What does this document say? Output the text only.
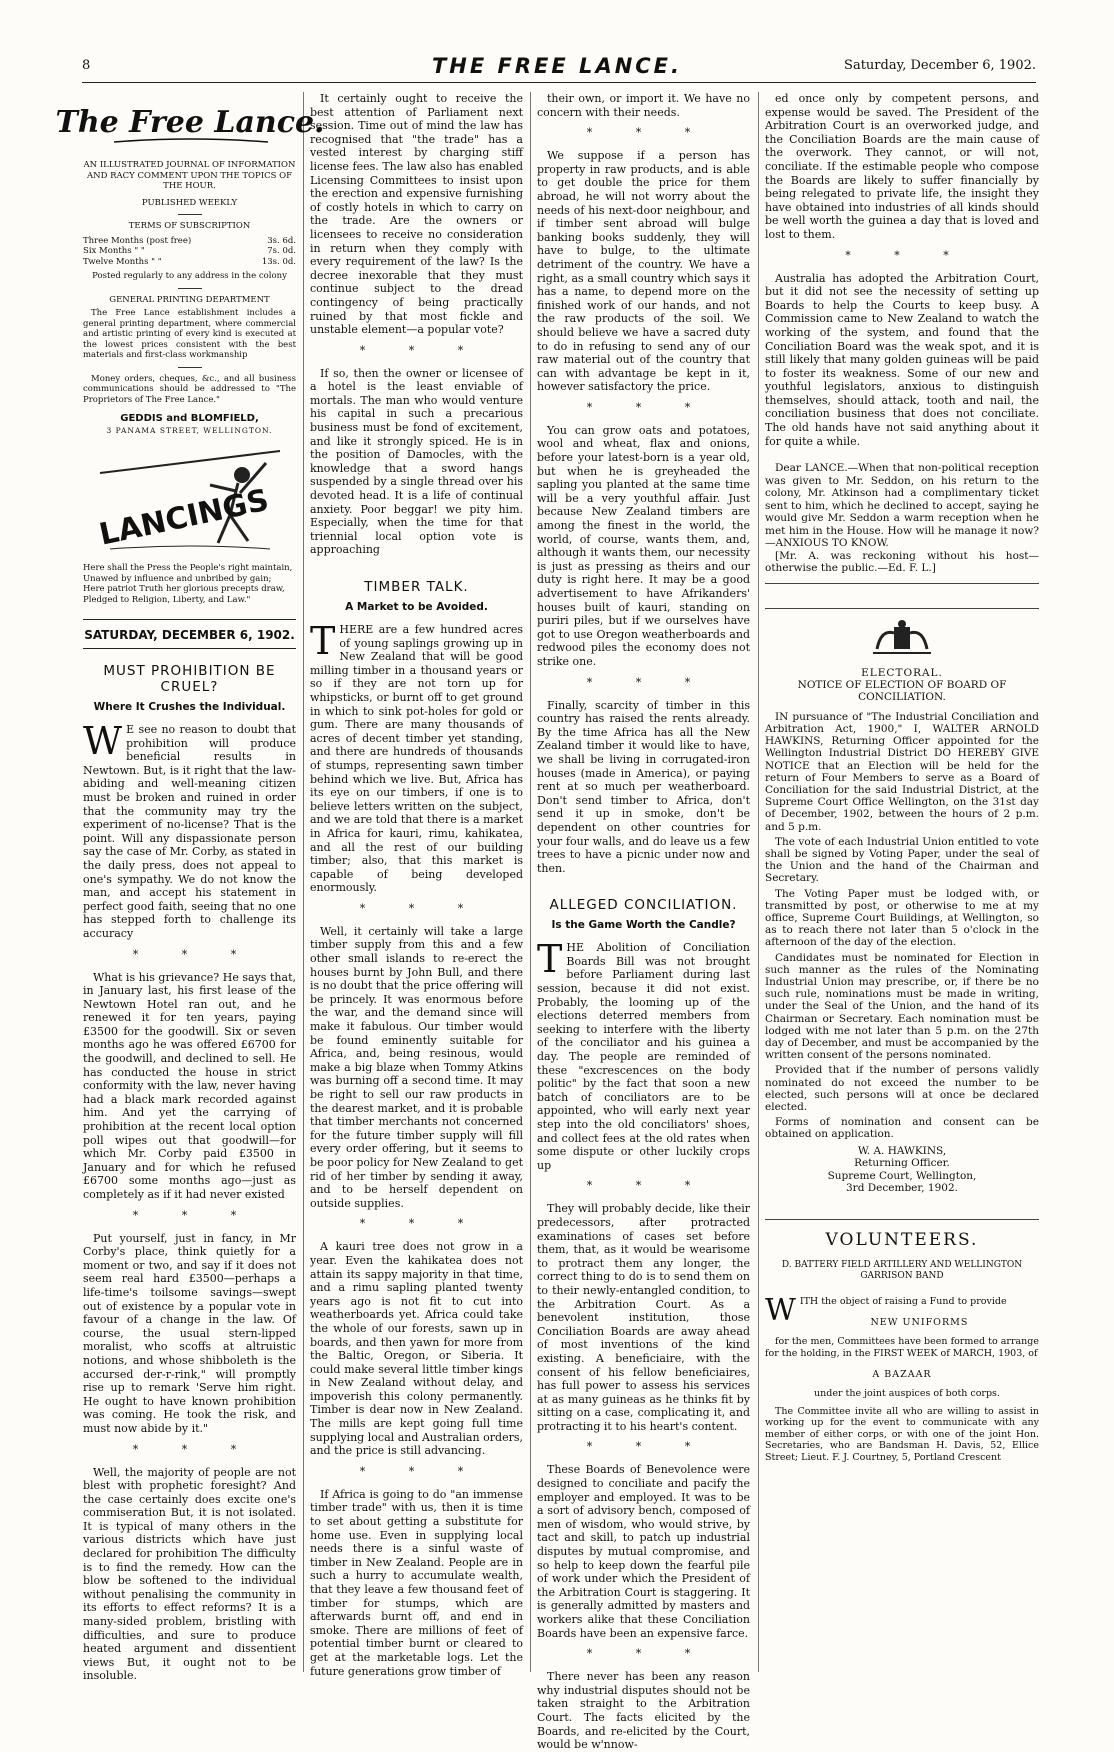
8	THE FREE LANCE.	Saturday, December 6, 1902.
The Free Lance.

AN ILLUSTRATED JOURNAL OF INFORMATION AND RACY COMMENT UPON THE TOPICS OF THE HOUR.

PUBLISHED WEEKLY

TERMS OF SUBSCRIPTION

Three Months (post free)	3s. 6d.
Six Months " "	7s. 0d.
Twelve Months " "	13s. 0d.

Posted regularly to any address in the colony

GENERAL PRINTING DEPARTMENT

The Free Lance establishment includes a general printing department, where commercial and artistic printing of every kind is executed at the lowest prices consistent with the best materials and first-class workmanship

Money orders, cheques, &c., and all business communications should be addressed to "The Proprietors of The Free Lance."

GEDDIS and BLOMFIELD,
3 PANAMA STREET, WELLINGTON.
LANCINGS
Here shall the Press the People's right maintain,
Unawed by influence and unbribed by gain;
Here patriot Truth her glorious precepts draw,
Pledged to Religion, Liberty, and Law."
SATURDAY, DECEMBER 6, 1902.
MUST PROHIBITION BE CRUEL?
Where It Crushes the Individual.

W E see no reason to doubt that prohibition will produce beneficial results in Newtown. But, is it right that the law-abiding and well-meaning citizen must be broken and ruined in order that the community may try the experiment of no-license? That is the point. Will any dispassionate person say the case of Mr. Corby, as stated in the daily press, does not appeal to one's sympathy. We do not know the man, and accept his statement in perfect good faith, seeing that no one has stepped forth to challenge its accuracy

* * *

What is his grievance? He says that, in January last, his first lease of the Newtown Hotel ran out, and he renewed it for ten years, paying £3500 for the goodwill. Six or seven months ago he was offered £6700 for the goodwill, and declined to sell. He has conducted the house in strict conformity with the law, never having had a black mark recorded against him. And yet the carrying of prohibition at the recent local option poll wipes out that goodwill—for which Mr. Corby paid £3500 in January and for which he refused £6700 some months ago—just as completely as if it had never existed

* * *

Put yourself, just in fancy, in Mr Corby's place, think quietly for a moment or two, and say if it does not seem real hard £3500—perhaps a life-time's toilsome savings—swept out of existence by a popular vote in favour of a change in the law. Of course, the usual stern-lipped moralist, who scoffs at altruistic notions, and whose shibboleth is the accursed der-r-rink," will promptly rise up to remark 'Serve him right. He ought to have known prohibition was coming. He took the risk, and must now abide by it."

* * *

Well, the majority of people are not blest with prophetic foresight? And the case certainly does excite one's commiseration But, it is not isolated. It is typical of many others in the various districts which have just declared for prohibition The difficulty is to find the remedy. How can the blow be softened to the individual without penalising the community in its efforts to effect reforms? It is a many-sided problem, bristling with difficulties, and sure to produce heated argument and dissentient views But, it ought not to be insoluble.

It certainly ought to receive the best attention of Parliament next session. Time out of mind the law has recognised that "the trade" has a vested interest by charging stiff license fees. The law also has enabled Licensing Committees to insist upon the erection and expensive furnishing of costly hotels in which to carry on the trade. Are the owners or licensees to receive no consideration in return when they comply with every requirement of the law? Is the decree inexorable that they must continue subject to the dread contingency of being practically ruined by that most fickle and unstable element—a popular vote?

* * *

If so, then the owner or licensee of a hotel is the least enviable of mortals. The man who would venture his capital in such a precarious business must be fond of excitement, and like it strongly spiced. He is in the position of Damocles, with the knowledge that a sword hangs suspended by a single thread over his devoted head. It is a life of continual anxiety. Poor beggar! we pity him. Especially, when the time for that triennial local option vote is approaching

TIMBER TALK.
A Market to be Avoided.

THERE are a few hundred acres of young saplings growing up in New Zealand that will be good milling timber in a thousand years or so if they are not torn up for whipsticks, or burnt off to get ground in which to sink pot-holes for gold or gum. There are many thousands of acres of decent timber yet standing, and there are hundreds of thousands of stumps, representing sawn timber behind which we live. But, Africa has its eye on our timbers, if one is to believe letters written on the subject, and we are told that there is a market in Africa for kauri, rimu, kahikatea, and all the rest of our building timber; also, that this market is capable of being developed enormously.

* * *

Well, it certainly will take a large timber supply from this and a few other small islands to re-erect the houses burnt by John Bull, and there is no doubt that the price offering will be princely. It was enormous before the war, and the demand since will make it fabulous. Our timber would be found eminently suitable for Africa, and, being resinous, would make a big blaze when Tommy Atkins was burning off a second time. It may be right to sell our raw products in the dearest market, and it is probable that timber merchants not concerned for the future timber supply will fill every order offering, but it seems to be poor policy for New Zealand to get rid of her timber by sending it away, and to be herself dependent on outside supplies.

* * *

A kauri tree does not grow in a year. Even the kahikatea does not attain its sappy majority in that time, and a rimu sapling planted twenty years ago is not fit to cut into weatherboards yet. Africa could take the whole of our forests, sawn up in boards, and then yawn for more from the Baltic, Oregon, or Siberia. It could make several little timber kings in New Zealand without delay, and impoverish this colony permanently. Timber is dear now in New Zealand. The mills are kept going full time supplying local and Australian orders, and the price is still advancing.

* * *

If Africa is going to do "an immense timber trade" with us, then it is time to set about getting a substitute for home use. Even in supplying local needs there is a sinful waste of timber in New Zealand. People are in such a hurry to accumulate wealth, that they leave a few thousand feet of timber for stumps, which are afterwards burnt off, and end in smoke. There are millions of feet of potential timber burnt or cleared to get at the marketable logs. Let the future generations grow timber of

their own, or import it. We have no concern with their needs.

* * *

We suppose if a person has property in raw products, and is able to get double the price for them abroad, he will not worry about the needs of his next-door neighbour, and if timber sent abroad will bulge banking books suddenly, they will have to bulge, to the ultimate detriment of the country. We have a right, as a small country which says it has a name, to depend more on the finished work of our hands, and not the raw products of the soil. We should believe we have a sacred duty to do in refusing to send any of our raw material out of the country that can with advantage be kept in it, however satisfactory the price.

* * *

You can grow oats and potatoes, wool and wheat, flax and onions, before your latest-born is a year old, but when he is greyheaded the sapling you planted at the same time will be a very youthful affair. Just because New Zealand timbers are among the finest in the world, the world, of course, wants them, and, although it wants them, our necessity is just as pressing as theirs and our duty is right here. It may be a good advertisement to have Afrikanders' houses built of kauri, standing on puriri piles, but if we ourselves have got to use Oregon weatherboards and redwood piles the economy does not strike one.

* * *

Finally, scarcity of timber in this country has raised the rents already. By the time Africa has all the New Zealand timber it would like to have, we shall be living in corrugated-iron houses (made in America), or paying rent at so much per weatherboard. Don't send timber to Africa, don't send it up in smoke, don't be dependent on other countries for your four walls, and do leave us a few trees to have a picnic under now and then.

ALLEGED CONCILIATION.
Is the Game Worth the Candle?

THE Abolition of Conciliation Boards Bill was not brought before Parliament during last session, because it did not exist. Probably, the looming up of the elections deterred members from seeking to interfere with the liberty of the conciliator and his guinea a day. The people are reminded of these "excrescences on the body politic" by the fact that soon a new batch of conciliators are to be appointed, who will early next year step into the old conciliators' shoes, and collect fees at the old rates when some dispute or other luckily crops up

* * *

They will probably decide, like their predecessors, after protracted examinations of cases set before them, that, as it would be wearisome to protract them any longer, the correct thing to do is to send them on to their newly-entangled condition, to the Arbitration Court. As a benevolent institution, those Conciliation Boards are away ahead of most inventions of the kind existing. A beneficiaire, with the consent of his fellow beneficiaires, has full power to assess his services at as many guineas as he thinks fit by sitting on a case, complicating it, and protracting it to his heart's content.

* * *

These Boards of Benevolence were designed to conciliate and pacify the employer and employed. It was to be a sort of advisory bench, composed of men of wisdom, who would strive, by tact and skill, to patch up industrial disputes by mutual compromise, and so help to keep down the fearful pile of work under which the President of the Arbitration Court is staggering. It is generally admitted by masters and workers alike that these Conciliation Boards have been an expensive farce.

* * *

There never has been any reason why industrial disputes should not be taken straight to the Arbitration Court. The facts elicited by the Boards, and re-elicited by the Court, would be w'nnow-

ed once only by competent persons, and expense would be saved. The President of the Arbitration Court is an overworked judge, and the Conciliation Boards are the main cause of the overwork. They cannot, or will not, conciliate. If the estimable people who compose the Boards are likely to suffer financially by being relegated to private life, the insight they have obtained into industries of all kinds should be well worth the guinea a day that is loved and lost to them.

* * *

Australia has adopted the Arbitration Court, but it did not see the necessity of setting up Boards to help the Courts to keep busy. A Commission came to New Zealand to watch the working of the system, and found that the Conciliation Board was the weak spot, and it is still likely that many golden guineas will be paid to foster its weakness. Some of our new and youthful legislators, anxious to distinguish themselves, should attack, tooth and nail, the conciliation business that does not conciliate. The old hands have not said anything about it for quite a while.

Dear LANCE.—When that non-political reception was given to Mr. Seddon, on his return to the colony, Mr. Atkinson had a complimentary ticket sent to him, which he declined to accept, saying he would give Mr. Seddon a warm reception when he met him in the House. How will he manage it now?—ANXIOUS TO KNOW.
[Mr. A. was reckoning without his host—otherwise the public.—Ed. F. L.]
ELECTORAL.
NOTICE OF ELECTION OF BOARD OF CONCILIATION.

IN pursuance of "The Industrial Conciliation and Arbitration Act, 1900," I, WALTER ARNOLD HAWKINS, Returning Officer appointed for the Wellington Industrial District DO HEREBY GIVE NOTICE that an Election will be held for the return of Four Members to serve as a Board of Conciliation for the said Industrial District, at the Supreme Court Office Wellington, on the 31st day of December, 1902, between the hours of 2 p.m. and 5 p.m.

The vote of each Industrial Union entitled to vote shall be signed by Voting Paper, under the seal of the Union and the hand of the Chairman and Secretary.

The Voting Paper must be lodged with, or transmitted by post, or otherwise to me at my office, Supreme Court Buildings, at Wellington, so as to reach there not later than 5 o'clock in the afternoon of the day of the election.

Candidates must be nominated for Election in such manner as the rules of the Nominating Industrial Union may prescribe, or, if there be no such rule, nominations must be made in writing, under the Seal of the Union, and the hand of its Chairman or Secretary. Each nomination must be lodged with me not later than 5 p.m. on the 27th day of December, and must be accompanied by the written consent of the persons nominated.

Provided that if the number of persons validly nominated do not exceed the number to be elected, such persons will at once be declared elected.

Forms of nomination and consent can be obtained on application.

W. A. HAWKINS,
Returning Officer.
Supreme Court, Wellington,
3rd December, 1902.
VOLUNTEERS.
D. BATTERY FIELD ARTILLERY AND WELLINGTON GARRISON BAND

WITH the object of raising a Fund to provide

NEW UNIFORMS

for the men, Committees have been formed to arrange for the holding, in the FIRST WEEK of MARCH, 1903, of

A BAZAAR

under the joint auspices of both corps.

The Committee invite all who are willing to assist in working up for the event to communicate with any member of either corps, or with one of the joint Hon. Secretaries, who are Bandsman H. Davis, 52, Ellice Street; Lieut. F. J. Courtney, 5, Portland Crescent
